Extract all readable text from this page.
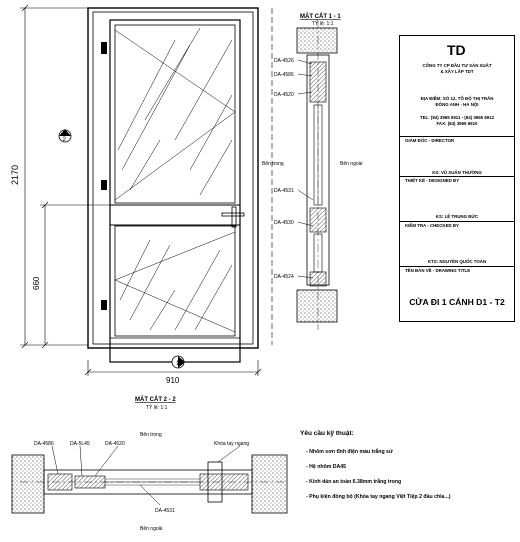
2170
660
910
2
1
MẶT CẮT 1 - 1
TỶ lệ: 1:1
DA-4526
DA-4586
DA-4520
DA-4531
DA-4530
DA-4524
Bên trong	Bên ngoài
MẶT CẮT 2 - 2
TỶ lệ: 1:1
DA-4586	DA-5L45	DA-4520
DA-4531
Khóa tay ngang
Bên trong
Bên ngoài
Yêu cầu kỹ thuật:
- Nhôm sơn tĩnh điện màu trắng sứ
- Hệ nhôm DA45
- Kính dán an toàn 6.38mm trắng trong
- Phụ kiện đồng bộ (Khóa tay ngang Việt Tiệp 2 đầu chìa...)
TD
CÔNG TY CP ĐẦU TƯ SẢN XUẤT
& XÂY LẮP TDT
ĐỊA ĐIỂM: SỐ 12, TỔ ĐỘ THỊ TRẤN
ĐÔNG ANH - HÀ NỘI
TEL: (84) 3965 5911 - (84) 3965 6912
FAX: (84) 3965 6910
GIÁM ĐỐC - DIRECTOR
KS: VŨ XUÂN THƯỜNG
THIẾT KẾ - DESIGNED BY
KS: LÊ TRUNG ĐỨC
KIỂM TRA - CHECKED BY
KTS: NGUYỄN QUỐC TOÀN
TÊN BẢN VẼ - DRAWING TITLE
CỬA ĐI 1 CÁNH D1 - T2
